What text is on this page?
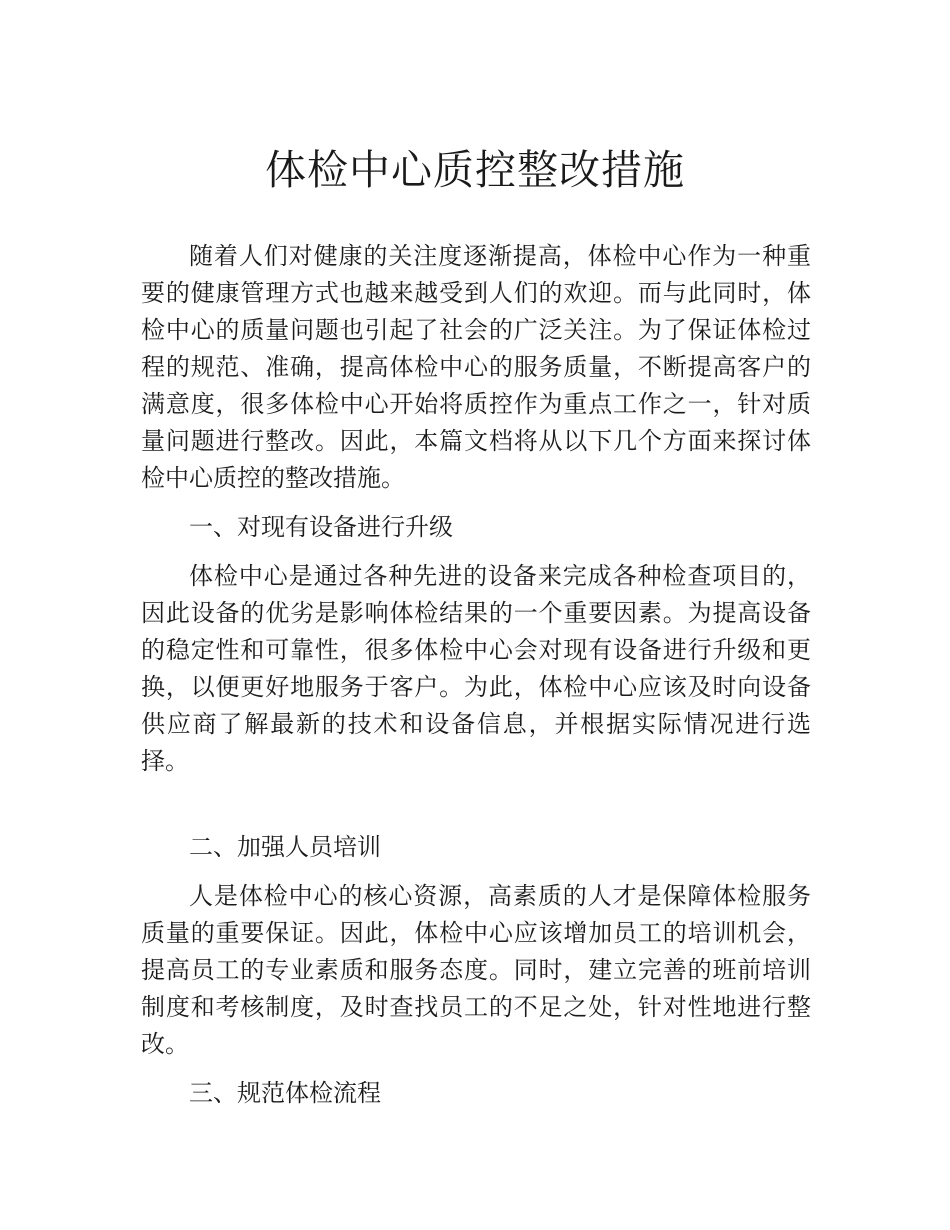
体检中心质控整改措施

随着人们对健康的关注度逐渐提高，体检中心作为一种重要的健康管理方式也越来越受到人们的欢迎。而与此同时，体检中心的质量问题也引起了社会的广泛关注。为了保证体检过程的规范、准确，提高体检中心的服务质量，不断提高客户的满意度，很多体检中心开始将质控作为重点工作之一，针对质量问题进行整改。因此，本篇文档将从以下几个方面来探讨体检中心质控的整改措施。

一、对现有设备进行升级

体检中心是通过各种先进的设备来完成各种检查项目的，因此设备的优劣是影响体检结果的一个重要因素。为提高设备的稳定性和可靠性，很多体检中心会对现有设备进行升级和更换，以便更好地服务于客户。为此，体检中心应该及时向设备供应商了解最新的技术和设备信息，并根据实际情况进行选择。

二、加强人员培训

人是体检中心的核心资源，高素质的人才是保障体检服务质量的重要保证。因此，体检中心应该增加员工的培训机会，提高员工的专业素质和服务态度。同时，建立完善的班前培训制度和考核制度，及时查找员工的不足之处，针对性地进行整改。

三、规范体检流程
